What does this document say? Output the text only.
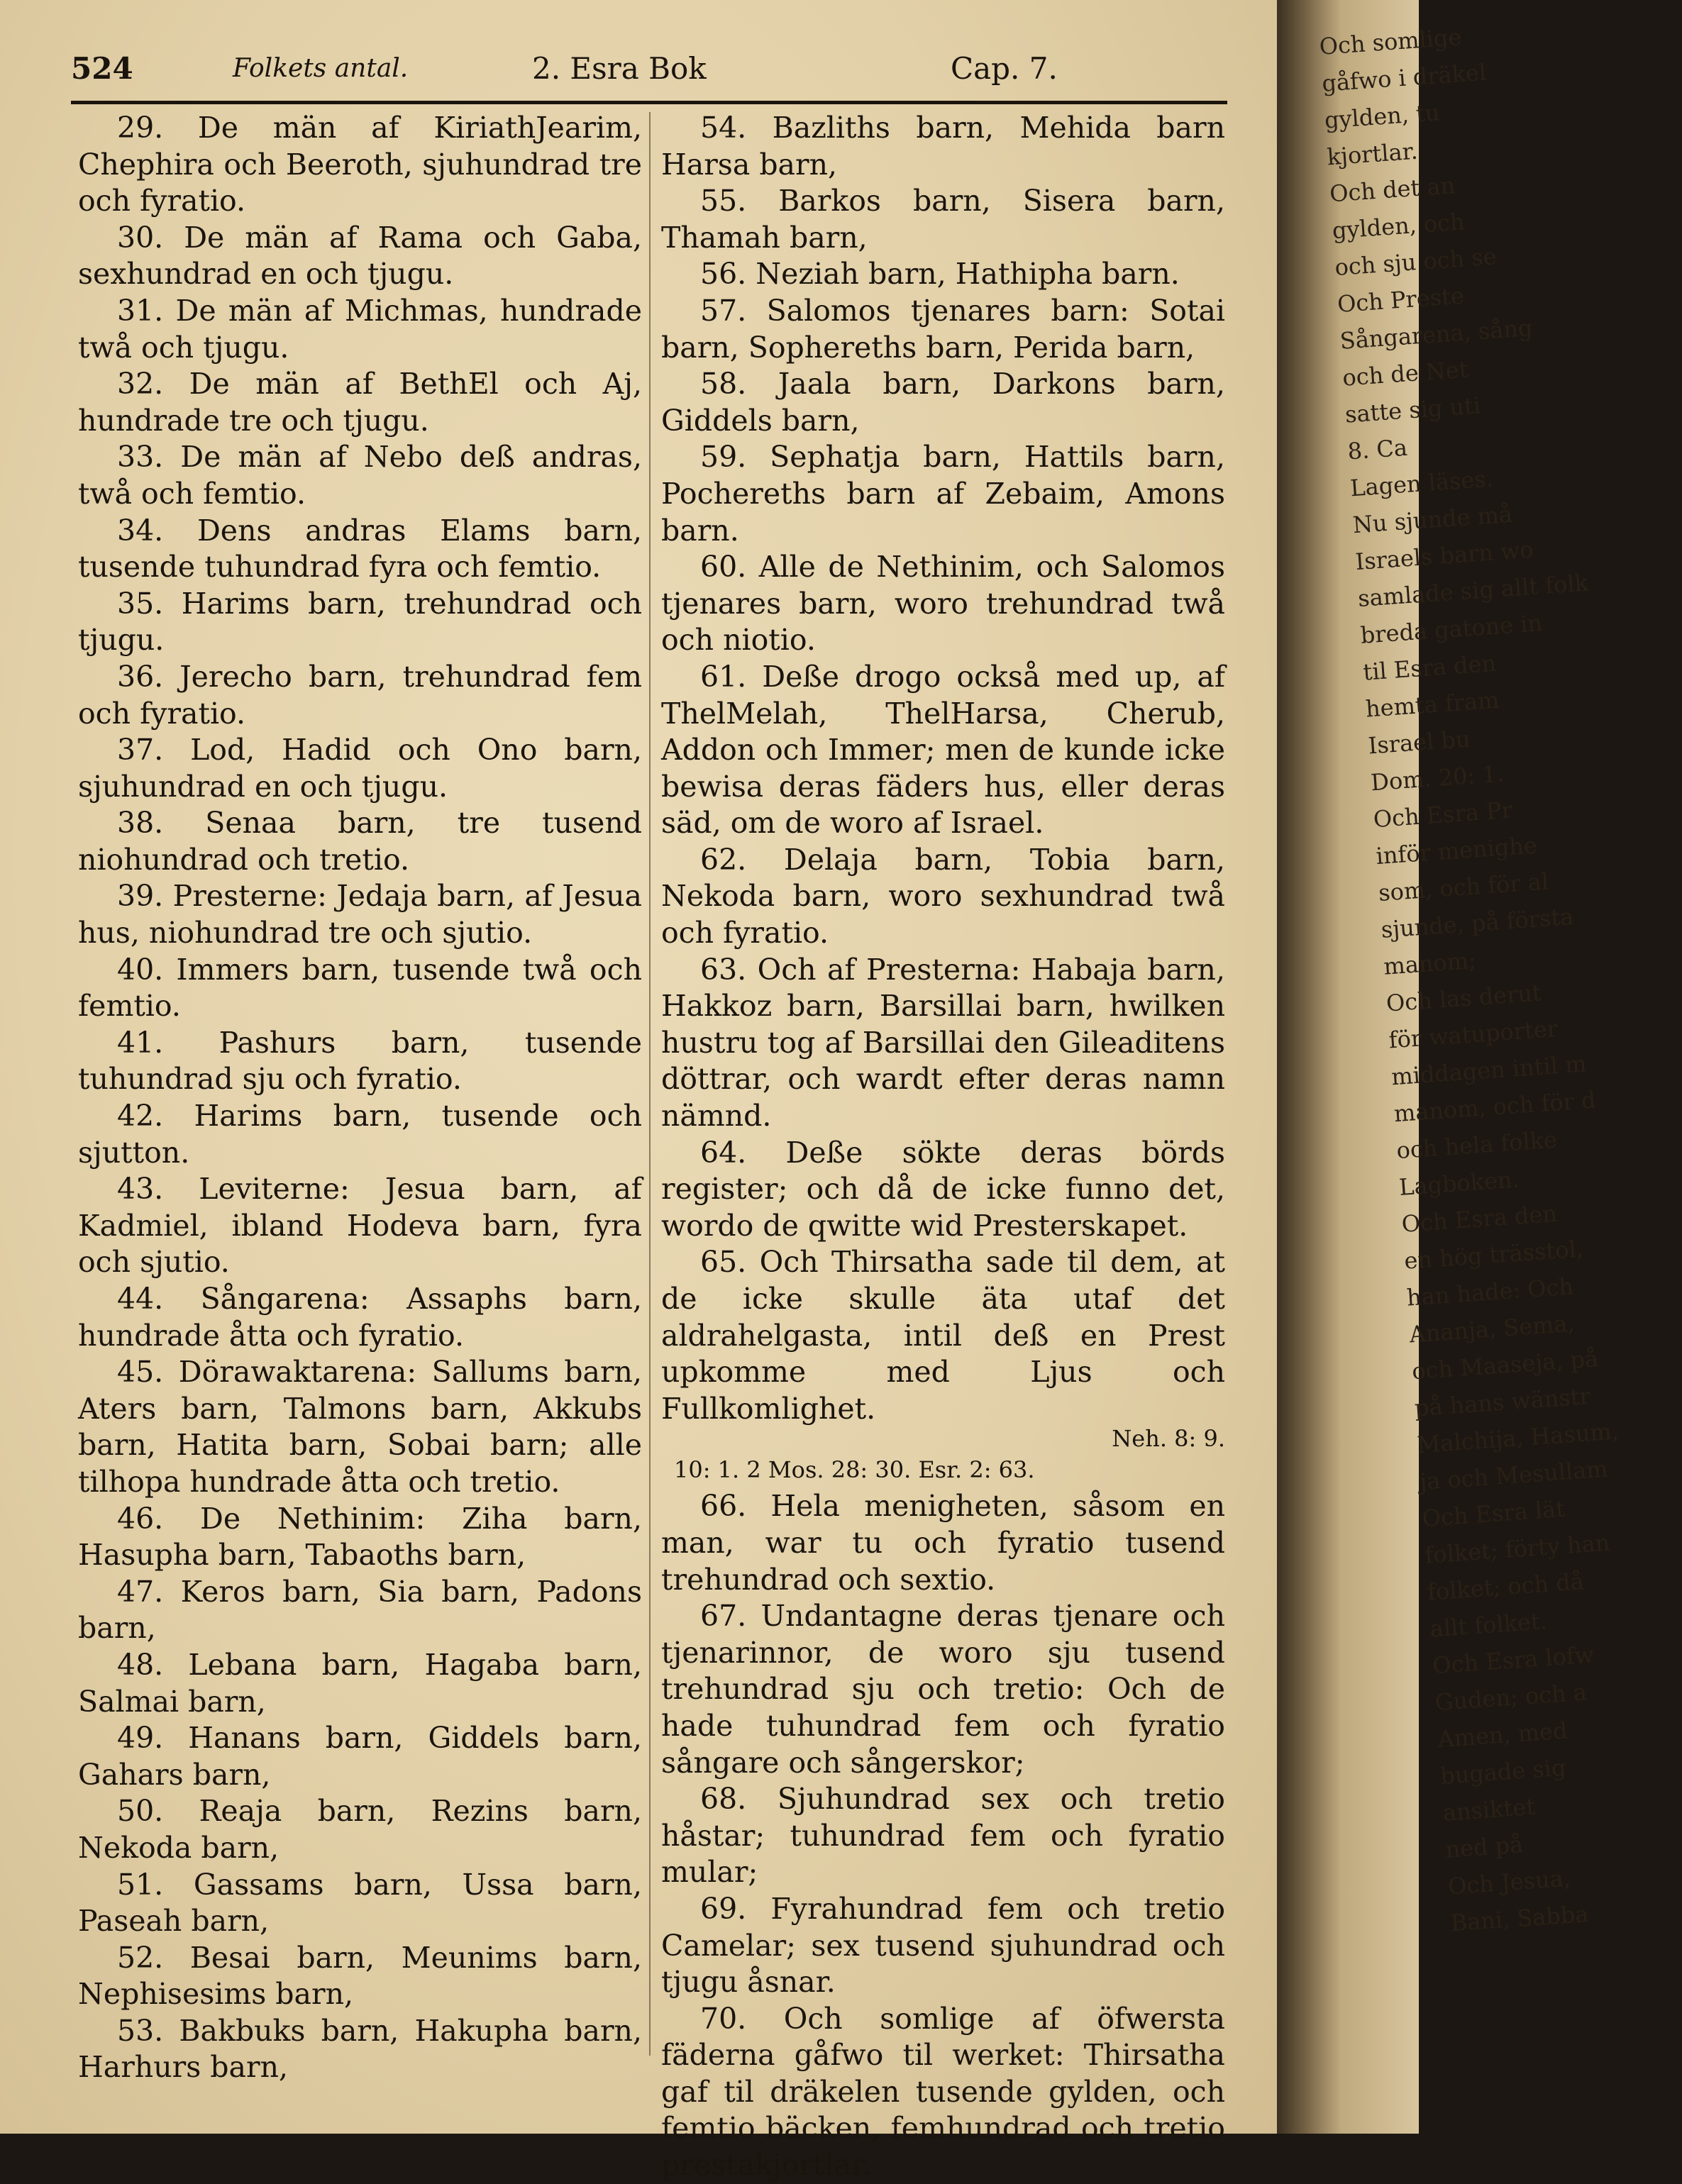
524	Folkets antal.	2. Esra Bok	Cap. 7.

29. De män af KiriathJearim, Chephira och Beeroth, sjuhundrad tre och fyratio.

30. De män af Rama och Gaba, sexhundrad en och tjugu.

31. De män af Michmas, hundrade twå och tjugu.

32. De män af BethEl och Aj, hundrade tre och tjugu.

33. De män af Nebo deß andras, twå och femtio.

34. Dens andras Elams barn, tusende tuhundrad fyra och femtio.

35. Harims barn, trehundrad och tjugu.

36. Jerecho barn, trehundrad fem och fyratio.

37. Lod, Hadid och Ono barn, sjuhundrad en och tjugu.

38. Senaa barn, tre tusend niohundrad och tretio.

39. Presterne: Jedaja barn, af Jesua hus, niohundrad tre och sjutio.

40. Immers barn, tusende twå och femtio.

41. Pashurs barn, tusende tuhundrad sju och fyratio.

42. Harims barn, tusende och sjutton.

43. Leviterne: Jesua barn, af Kadmiel, ibland Hodeva barn, fyra och sjutio.

44. Sångarena: Assaphs barn, hundrade åtta och fyratio.

45. Dörawaktarena: Sallums barn, Aters barn, Talmons barn, Akkubs barn, Hatita barn, Sobai barn; alle tilhopa hundrade åtta och tretio.

46. De Nethinim: Ziha barn, Hasupha barn, Tabaoths barn,

47. Keros barn, Sia barn, Padons barn,

48. Lebana barn, Hagaba barn, Salmai barn,

49. Hanans barn, Giddels barn, Gahars barn,

50. Reaja barn, Rezins barn, Nekoda barn,

51. Gassams barn, Ussa barn, Paseah barn,

52. Besai barn, Meunims barn, Nephisesims barn,

53. Bakbuks barn, Hakupha barn, Harhurs barn,

54. Bazliths barn, Mehida barn Harsa barn,

55. Barkos barn, Sisera barn, Thamah barn,

56. Neziah barn, Hathipha barn.

57. Salomos tjenares barn: Sotai barn, Sophereths barn, Perida barn,

58. Jaala barn, Darkons barn, Giddels barn,

59. Sephatja barn, Hattils barn, Pochereths barn af Zebaim, Amons barn.

60. Alle de Nethinim, och Salomos tjenares barn, woro trehundrad twå och niotio.

61. Deße drogo också med up, af ThelMelah, ThelHarsa, Cherub, Addon och Immer; men de kunde icke bewisa deras fäders hus, eller deras säd, om de woro af Israel.

62. Delaja barn, Tobia barn, Nekoda barn, woro sexhundrad twå och fyratio.

63. Och af Presterna: Habaja barn, Hakkoz barn, Barsillai barn, hwilken hustru tog af Barsillai den Gileaditens döttrar, och wardt efter deras namn nämnd.

64. Deße sökte deras börds register; och då de icke funno det, wordo de qwitte wid Presterskapet.

65. Och Thirsatha sade til dem, at de icke skulle äta utaf det aldrahelgasta, intil deß en Prest upkomme med Ljus och Fullkomlighet.

Neh. 8: 9.
10: 1. 2 Mos. 28: 30. Esr. 2: 63.

66. Hela menigheten, såsom en man, war tu och fyratio tusend trehundrad och sextio.

67. Undantagne deras tjenare och tjenarinnor, de woro sju tusend trehundrad sju och tretio: Och de hade tuhundrad fem och fyratio sångare och sångerskor;

68. Sjuhundrad sex och tretio håstar; tuhundrad fem och fyratio mular;

69. Fyrahundrad fem och tretio Camelar; sex tusend sjuhundrad och tjugu åsnar.

70. Och somlige af öfwersta fäderna gåfwo til werket: Thirsatha gaf til dräkelen tusende gylden, och femtio bäcken, femhundrad och tretio prestakjortlar.

Och somlige
gåfwo i dräkel
gylden, tu
kjortlar.
Och det an
gylden, och
och sju och se
Och Preste
Sångarena, sång
och de Net
satte sig uti
8. Ca
Lagen läses.
Nu sjunde må
Israels barn wo
samlade sig allt folk
breda gatone in
til Esra den
hemta fram
Israel bu
Dom. 20: 1.
Och Esra Pr
inför menighe
som, och för al
sjunde, på första
manom;
Och las derut
för watuporter
middagen intil m
manom, och för d
och hela folke
Lagboken.
Och Esra den
en hög trässtol,
han hade: Och
Ananja, Sema,
och Maaseja, på
på hans wänstr
Malchija, Hasum,
ja och Mesullam
Och Esra lät
folket; förty han
folket; och då
allt folket.
Och Esra lofw
Guden; och a
Amen, med
bugade sig
ansiktet
ned på
Och Jesua,
Bani, Sabba
